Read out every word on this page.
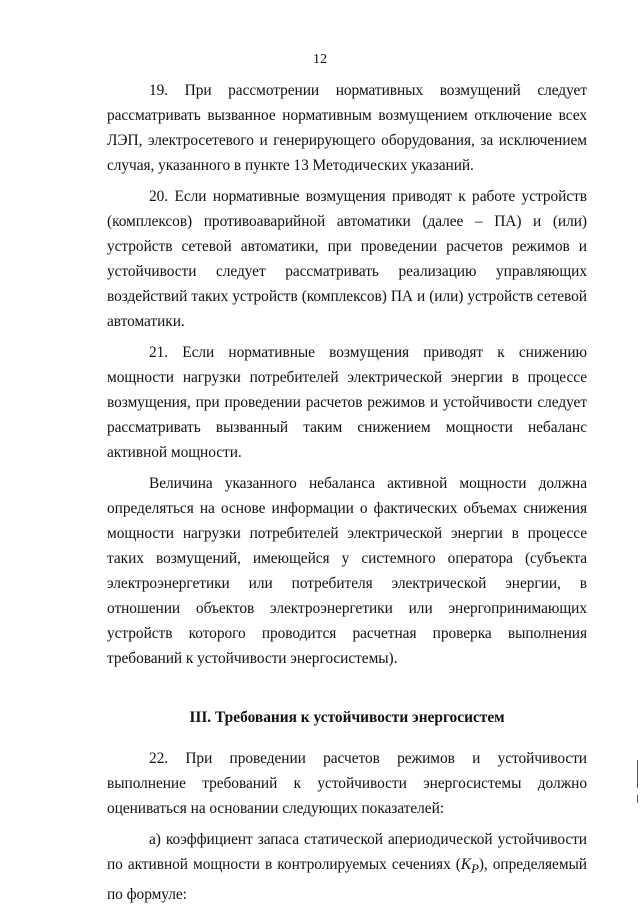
12

19. При рассмотрении нормативных возмущений следует рассматривать вызванное нормативным возмущением отключение всех ЛЭП, электросетевого и генерирующего оборудования, за исключением случая, указанного в пункте 13 Методических указаний.

20. Если нормативные возмущения приводят к работе устройств (комплексов) противоаварийной автоматики (далее – ПА) и (или) устройств сетевой автоматики, при проведении расчетов режимов и устойчивости следует рассматривать реализацию управляющих воздействий таких устройств (комплексов) ПА и (или) устройств сетевой автоматики.

21. Если нормативные возмущения приводят к снижению мощности нагрузки потребителей электрической энергии в процессе возмущения, при проведении расчетов режимов и устойчивости следует рассматривать вызванный таким снижением мощности небаланс активной мощности.

Величина указанного небаланса активной мощности должна определяться на основе информации о фактических объемах снижения мощности нагрузки потребителей электрической энергии в процессе таких возмущений, имеющейся у системного оператора (субъекта электроэнергетики или потребителя электрической энергии, в отношении объектов электроэнергетики или энергопринимающих устройств которого проводится расчетная проверка выполнения требований к устойчивости энергосистемы).

III. Требования к устойчивости энергосистем

22. При проведении расчетов режимов и устойчивости выполнение требований к устойчивости энергосистемы должно оцениваться на основании следующих показателей:

а) коэффициент запаса статической апериодической устойчивости по активной мощности в контролируемых сечениях $(K_P)$, определяемый по формуле:
